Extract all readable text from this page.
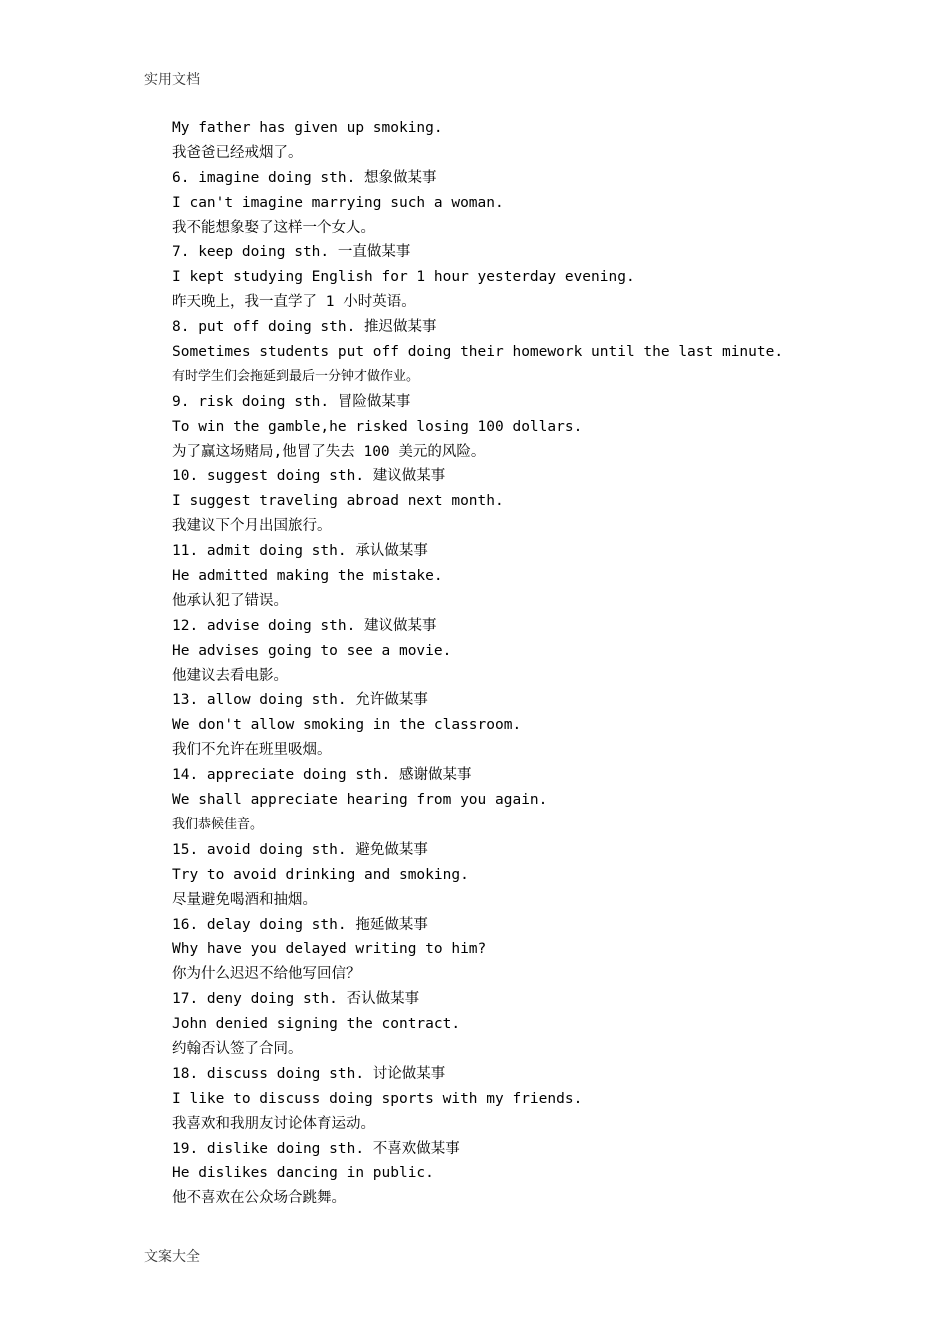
实用文档
My father has given up smoking.
我爸爸已经戒烟了。
6. imagine doing sth. 想象做某事
I can't imagine marrying such a woman.
我不能想象娶了这样一个女人。
7. keep doing sth. 一直做某事
I kept studying English for 1 hour yesterday evening.
昨天晚上，我一直学了 1 小时英语。
8. put off doing sth. 推迟做某事
Sometimes students put off doing their homework until the last minute.
有时学生们会拖延到最后一分钟才做作业。
9. risk doing sth. 冒险做某事
To win the gamble,he risked losing 100 dollars.
为了赢这场赌局,他冒了失去 100 美元的风险。
10. suggest doing sth. 建议做某事
I suggest traveling abroad next month.
我建议下个月出国旅行。
11. admit doing sth. 承认做某事
He admitted making the mistake.
他承认犯了错误。
12. advise doing sth. 建议做某事
He advises going to see a movie.
他建议去看电影。
13. allow doing sth. 允许做某事
We don't allow smoking in the classroom.
我们不允许在班里吸烟。
14. appreciate doing sth. 感谢做某事
We shall appreciate hearing from you again.
我们恭候佳音。
15. avoid doing sth. 避免做某事
Try to avoid drinking and smoking.
尽量避免喝酒和抽烟。
16. delay doing sth. 拖延做某事
Why have you delayed writing to him?
你为什么迟迟不给他写回信？
17. deny doing sth. 否认做某事
John denied signing the contract.
约翰否认签了合同。
18. discuss doing sth. 讨论做某事
I like to discuss doing sports with my friends.
我喜欢和我朋友讨论体育运动。
19. dislike doing sth. 不喜欢做某事
He dislikes dancing in public.
他不喜欢在公众场合跳舞。
文案大全
